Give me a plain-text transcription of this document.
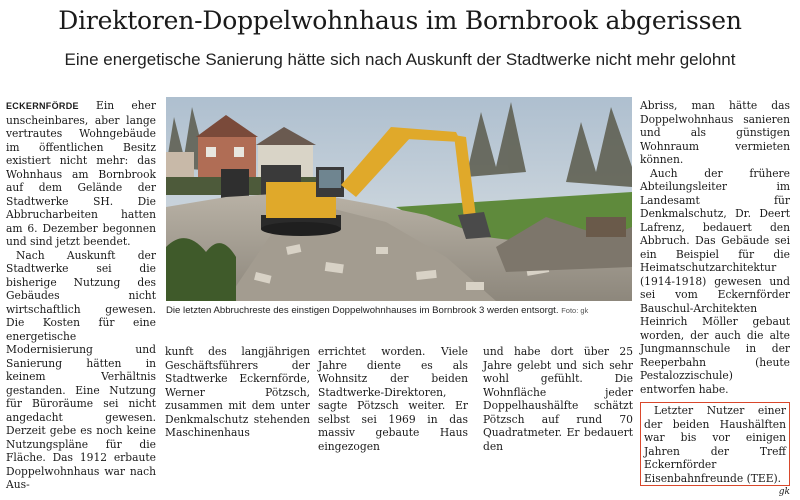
Direktoren-Doppelwohnhaus im Bornbrook abgerissen
Eine energetische Sanierung hätte sich nach Auskunft der Stadtwerke nicht mehr gelohnt

ECKERNFÖRDE Ein eher unscheinbares, aber lange vertrautes Wohngebäude im öffentlichen Besitz existiert nicht mehr: das Wohnhaus am Bornbrook auf dem Gelände der Stadtwerke SH. Die Abbrucharbeiten hatten am 6. Dezember begonnen und sind jetzt beendet.

Nach Auskunft der Stadtwerke sei die bisherige Nutzung des Gebäudes nicht wirtschaftlich gewesen. Die Kosten für eine energetische Modernisierung und Sanierung hätten in keinem Verhältnis gestanden. Eine Nutzung für Büroräume sei nicht angedacht gewesen. Derzeit gebe es noch keine Nutzungspläne für die Fläche. Das 1912 erbaute Doppelwohnhaus war nach Aus-

Die letzten Abbruchreste des einstigen Doppelwohnhauses im Bornbrook 3 werden entsorgt. Foto: gk

kunft des langjährigen Geschäftsführers der Stadtwerke Eckernförde, Werner Pötzsch, zusammen mit dem unter Denkmalschutz stehenden Maschinenhaus

errichtet worden. Viele Jahre diente es als Wohnsitz der beiden Stadtwerke-Direktoren, sagte Pötzsch weiter. Er selbst sei 1969 in das massiv gebaute Haus eingezogen

und habe dort über 25 Jahre gelebt und sich sehr wohl gefühlt. Die Wohnfläche jeder Doppelhaushälfte schätzt Pötzsch auf rund 70 Quadratmeter. Er bedauert den

Abriss, man hätte das Doppelwohnhaus sanieren und als günstigen Wohnraum vermieten können.

Auch der frühere Abteilungsleiter im Landesamt für Denkmalschutz, Dr. Deert Lafrenz, bedauert den Abbruch. Das Gebäude sei ein Beispiel für die Heimatschutzarchitektur (1914-1918) gewesen und sei vom Eckernförder Bauschul-Architekten Heinrich Möller gebaut worden, der auch die alte Jungmannschule in der Reeperbahn (heute Pestalozzischule) entworfen habe.

Letzter Nutzer einer der beiden Haushälften war bis vor einigen Jahren der Treff Eckernförder Eisenbahnfreunde (TEE).
gk
